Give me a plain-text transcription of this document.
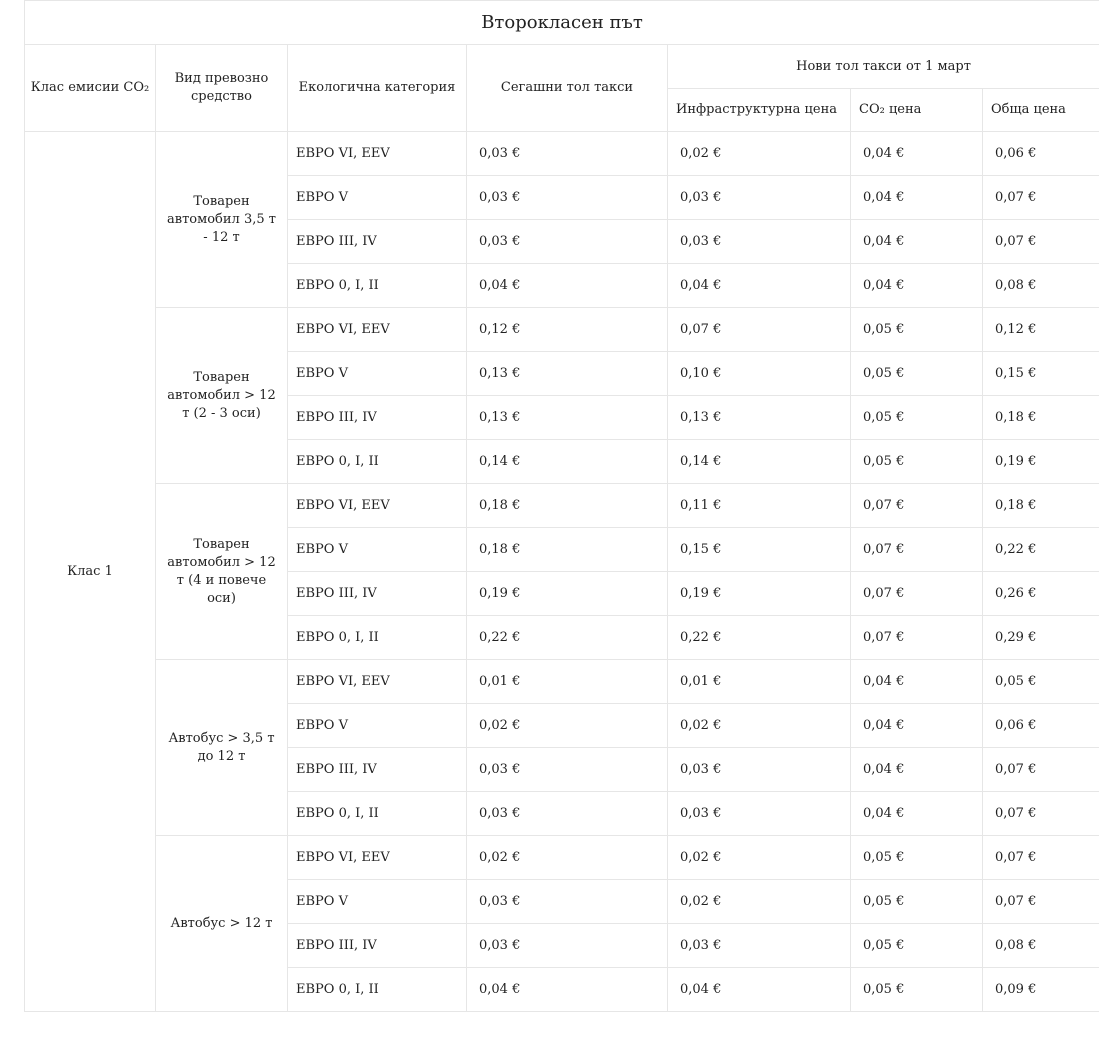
Второкласен път						
Клас емисии CO₂	Вид превозно средство	Екологична категория	Сегашни тол такси	Нови тол такси от 1 март		
				Инфраструктурна цена	CO₂ цена	Обща цена
Клас 1	Товарен автомобил 3,5 т - 12 т	ЕВРО VI, EEV	0,03 €	0,02 €	0,04 €	0,06 €
		ЕВРО V	0,03 €	0,03 €	0,04 €	0,07 €
		ЕВРО III, IV	0,03 €	0,03 €	0,04 €	0,07 €
		ЕВРО 0, I, II	0,04 €	0,04 €	0,04 €	0,08 €
	Товарен автомобил > 12 т (2 - 3 оси)	ЕВРО VI, EEV	0,12 €	0,07 €	0,05 €	0,12 €
		ЕВРО V	0,13 €	0,10 €	0,05 €	0,15 €
		ЕВРО III, IV	0,13 €	0,13 €	0,05 €	0,18 €
		ЕВРО 0, I, II	0,14 €	0,14 €	0,05 €	0,19 €
	Товарен автомобил > 12 т (4 и повече оси)	ЕВРО VI, EEV	0,18 €	0,11 €	0,07 €	0,18 €
		ЕВРО V	0,18 €	0,15 €	0,07 €	0,22 €
		ЕВРО III, IV	0,19 €	0,19 €	0,07 €	0,26 €
		ЕВРО 0, I, II	0,22 €	0,22 €	0,07 €	0,29 €
	Автобус > 3,5 т до 12 т	ЕВРО VI, EEV	0,01 €	0,01 €	0,04 €	0,05 €
		ЕВРО V	0,02 €	0,02 €	0,04 €	0,06 €
		ЕВРО III, IV	0,03 €	0,03 €	0,04 €	0,07 €
		ЕВРО 0, I, II	0,03 €	0,03 €	0,04 €	0,07 €
	Автобус > 12 т	ЕВРО VI, EEV	0,02 €	0,02 €	0,05 €	0,07 €
		ЕВРО V	0,03 €	0,02 €	0,05 €	0,07 €
		ЕВРО III, IV	0,03 €	0,03 €	0,05 €	0,08 €
		ЕВРО 0, I, II	0,04 €	0,04 €	0,05 €	0,09 €
